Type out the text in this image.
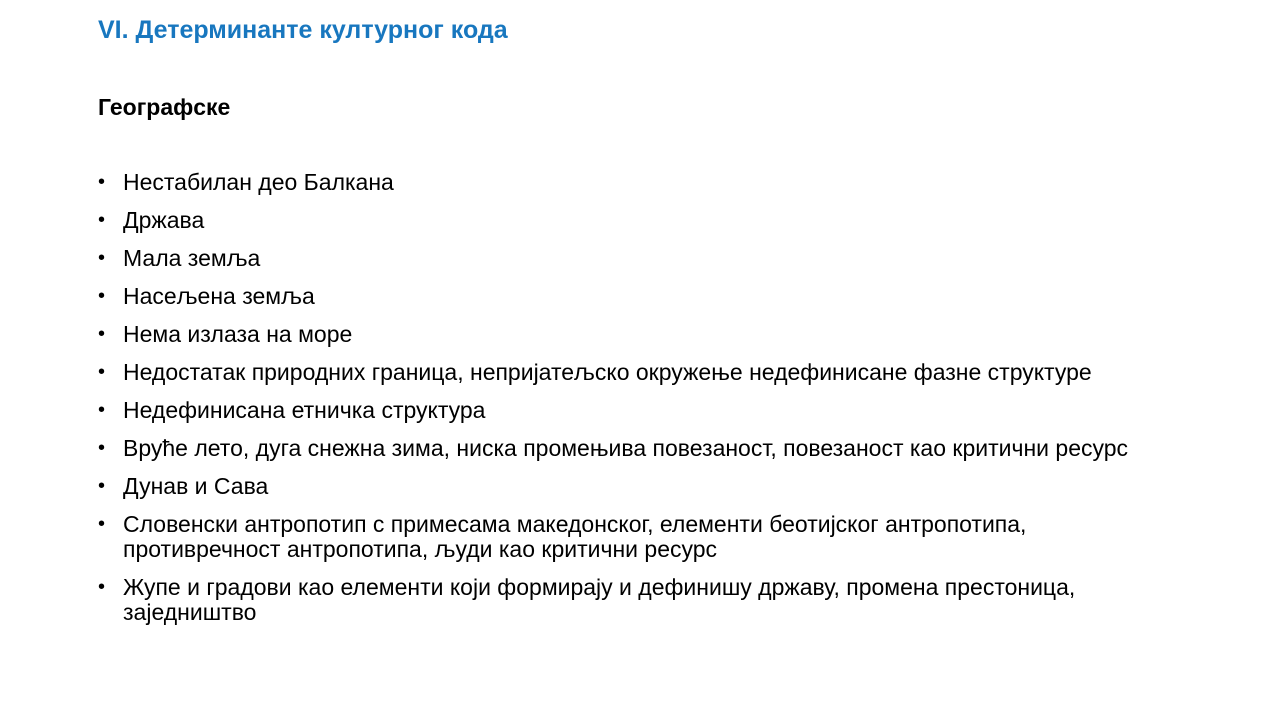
VI. Детерминанте културног кода
Географске
• Нестабилан део Балкана
• Држава
• Мала земља
• Насељена земља
• Нема излаза на море
• Недостатак природних граница, непријатељско окружење недефинисане фазне структуре
• Недефинисана етничка структура
• Врућe лето, дуга снежна зима, ниска промењива повезаност, повезаност као критични ресурс
• Дунав и Сава
• Словенски антропотип с примесама македонског, елементи беотијског антропотипа, противречност антропотипа, људи као критични ресурс
• Жупе и градови као елементи који формирају и дефинишу државу, промена престоница, заједништво
